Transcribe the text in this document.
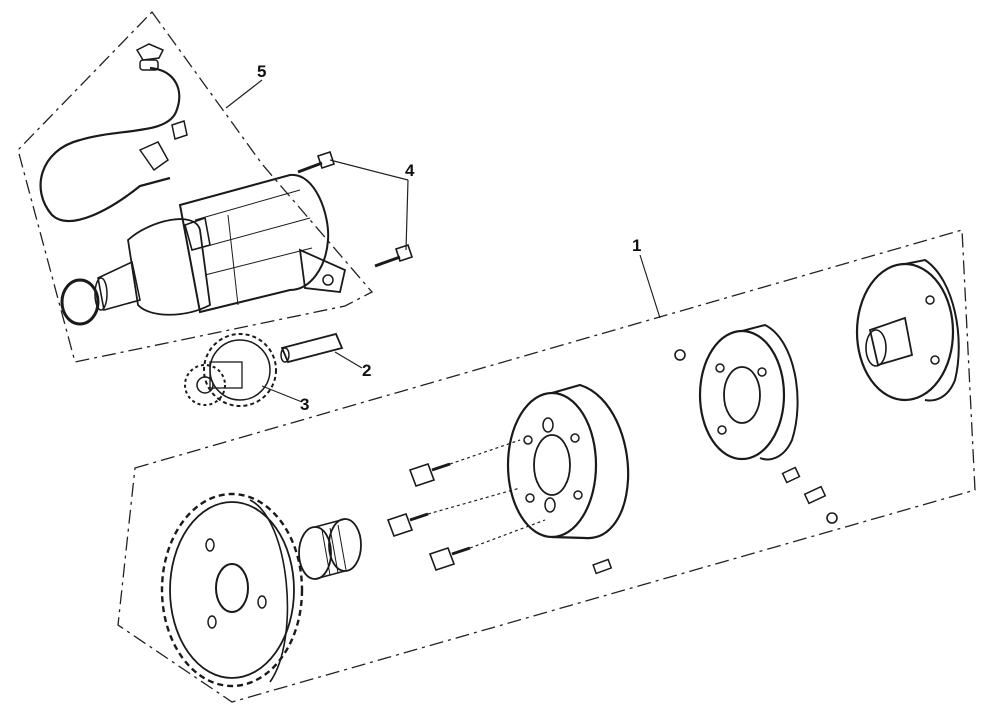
5
4
1
2
3
